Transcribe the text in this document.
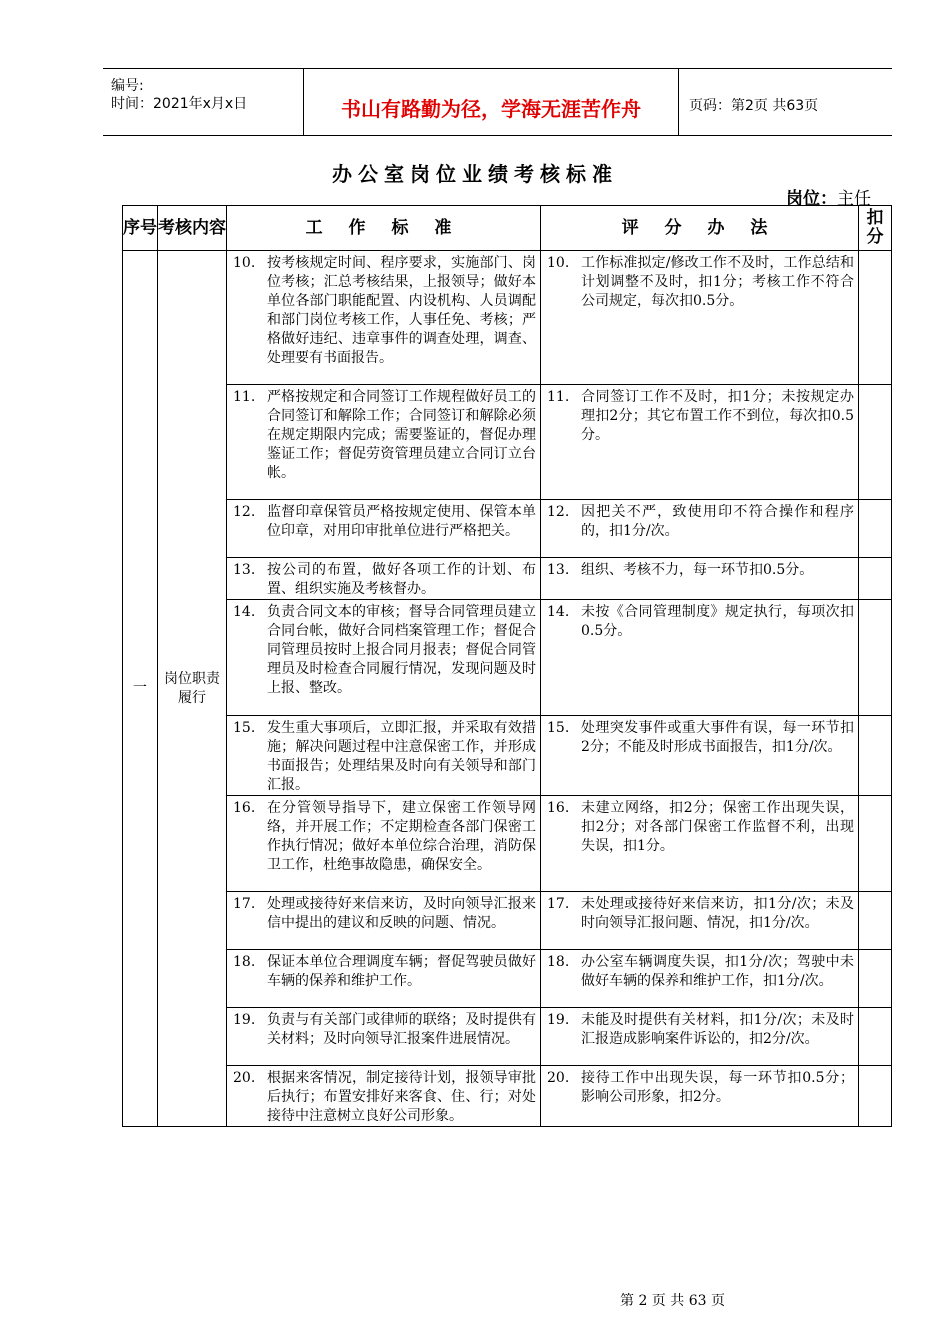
编号:
时间：2021年x月x日	书山有路勤为径，学海无涯苦作舟	页码：第2页 共63页
办公室岗位业绩考核标准
岗位：主任
序号	考核内容	工 作 标 准	评 分 办 法	扣分
一	岗位职责履行	10. 按考核规定时间、程序要求，实施部门、岗位考核；汇总考核结果，上报领导；做好本单位各部门职能配置、内设机构、人员调配和部门岗位考核工作，人事任免、考核；严格做好违纪、违章事件的调查处理，调查、处理要有书面报告。	10. 工作标准拟定/修改工作不及时，工作总结和计划调整不及时，扣1分；考核工作不符合公司规定，每次扣0.5分。	

		11. 严格按规定和合同签订工作规程做好员工的合同签订和解除工作；合同签订和解除必须在规定期限内完成；需要鉴证的，督促办理鉴证工作；督促劳资管理员建立合同订立台帐。	11. 合同签订工作不及时，扣1分；未按规定办理扣2分；其它布置工作不到位，每次扣0.5分。	

		12. 监督印章保管员严格按规定使用、保管本单位印章，对用印审批单位进行严格把关。	12. 因把关不严，致使用印不符合操作和程序的，扣1分/次。	

		13. 按公司的布置，做好各项工作的计划、布置、组织实施及考核督办。	13. 组织、考核不力，每一环节扣0.5分。	

		14. 负责合同文本的审核；督导合同管理员建立合同台帐，做好合同档案管理工作；督促合同管理员按时上报合同月报表；督促合同管理员及时检查合同履行情况，发现问题及时上报、整改。	14. 未按《合同管理制度》规定执行，每项次扣0.5分。	

		15. 发生重大事项后，立即汇报，并采取有效措施；解决问题过程中注意保密工作，并形成书面报告；处理结果及时向有关领导和部门汇报。	15. 处理突发事件或重大事件有误，每一环节扣2分；不能及时形成书面报告，扣1分/次。	

		16. 在分管领导指导下，建立保密工作领导网络，并开展工作；不定期检查各部门保密工作执行情况；做好本单位综合治理，消防保卫工作，杜绝事故隐患，确保安全。	16. 未建立网络，扣2分；保密工作出现失误，扣2分；对各部门保密工作监督不利，出现失误，扣1分。	

		17. 处理或接待好来信来访，及时向领导汇报来信中提出的建议和反映的问题、情况。	17. 未处理或接待好来信来访，扣1分/次；未及时向领导汇报问题、情况，扣1分/次。	

		18. 保证本单位合理调度车辆；督促驾驶员做好车辆的保养和维护工作。	18. 办公室车辆调度失误，扣1分/次；驾驶中未做好车辆的保养和维护工作，扣1分/次。	

		19. 负责与有关部门或律师的联络；及时提供有关材料；及时向领导汇报案件进展情况。	19. 未能及时提供有关材料，扣1分/次；未及时汇报造成影响案件诉讼的，扣2分/次。	

		20. 根据来客情况，制定接待计划，报领导审批后执行；布置安排好来客食、住、行；对处接待中注意树立良好公司形象。	20. 接待工作中出现失误，每一环节扣0.5分；影响公司形象，扣2分。	

第 2 页 共 63 页
